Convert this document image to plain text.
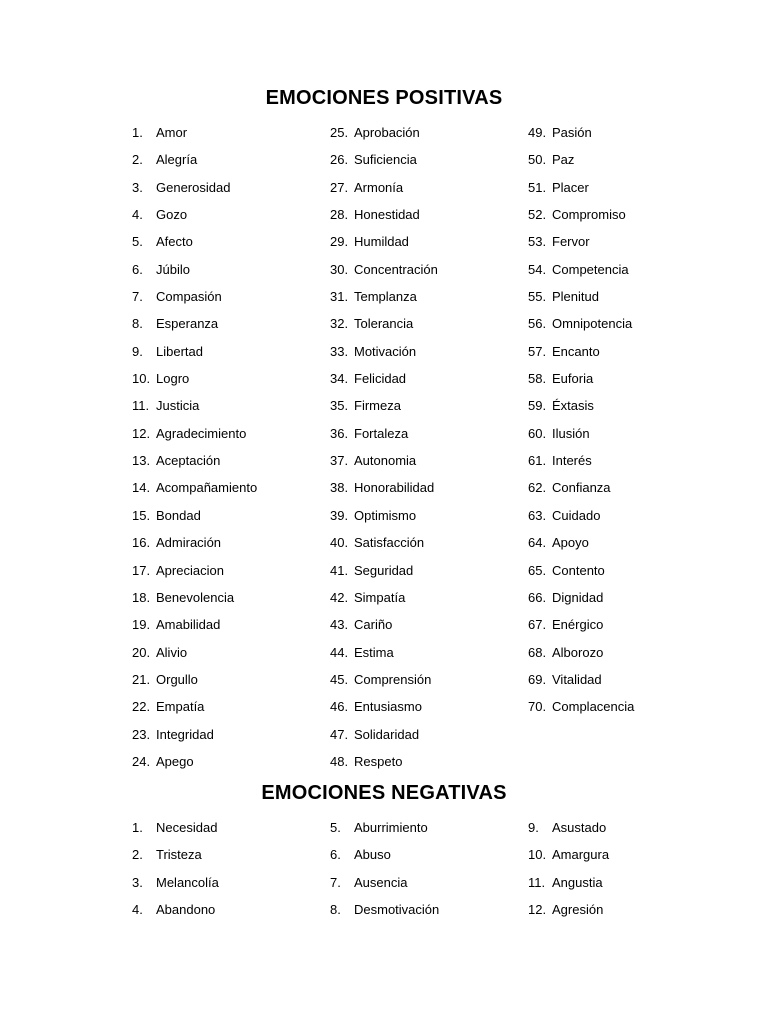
EMOCIONES POSITIVAS
1. Amor
2. Alegría
3. Generosidad
4. Gozo
5. Afecto
6. Júbilo
7. Compasión
8. Esperanza
9. Libertad
10. Logro
11. Justicia
12. Agradecimiento
13. Aceptación
14. Acompañamiento
15. Bondad
16. Admiración
17. Apreciacion
18. Benevolencia
19. Amabilidad
20. Alivio
21. Orgullo
22. Empatía
23. Integridad
24. Apego
25. Aprobación
26. Suficiencia
27. Armonía
28. Honestidad
29. Humildad
30. Concentración
31. Templanza
32. Tolerancia
33. Motivación
34. Felicidad
35. Firmeza
36. Fortaleza
37. Autonomia
38. Honorabilidad
39. Optimismo
40. Satisfacción
41. Seguridad
42. Simpatía
43. Cariño
44. Estima
45. Comprensión
46. Entusiasmo
47. Solidaridad
48. Respeto
49. Pasión
50. Paz
51. Placer
52. Compromiso
53. Fervor
54. Competencia
55. Plenitud
56. Omnipotencia
57. Encanto
58. Euforia
59. Éxtasis
60. Ilusión
61. Interés
62. Confianza
63. Cuidado
64. Apoyo
65. Contento
66. Dignidad
67. Enérgico
68. Alborozo
69. Vitalidad
70. Complacencia
EMOCIONES NEGATIVAS
1. Necesidad
2. Tristeza
3. Melancolía
4. Abandono
5. Aburrimiento
6. Abuso
7. Ausencia
8. Desmotivación
9. Asustado
10. Amargura
11. Angustia
12. Agresión
